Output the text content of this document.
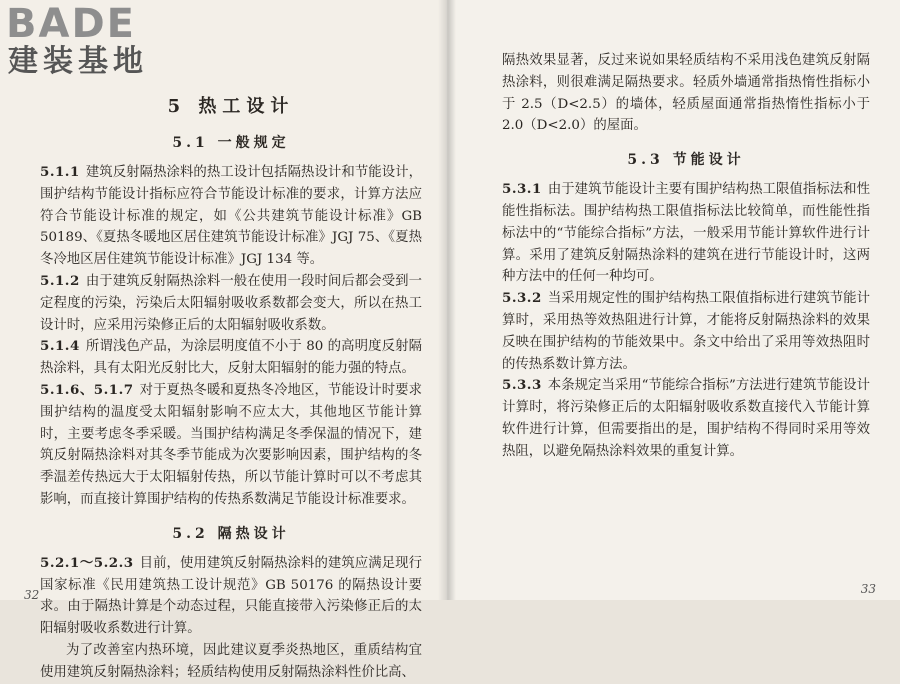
5 热工设计
5.1 一般规定

5.1.1 建筑反射隔热涂料的热工设计包括隔热设计和节能设计，围护结构节能设计指标应符合节能设计标准的要求，计算方法应符合节能设计标准的规定，如《公共建筑节能设计标准》GB 50189、《夏热冬暖地区居住建筑节能设计标准》JGJ 75、《夏热冬冷地区居住建筑节能设计标准》JGJ 134 等。

5.1.2 由于建筑反射隔热涂料一般在使用一段时间后都会受到一定程度的污染，污染后太阳辐射吸收系数都会变大，所以在热工设计时，应采用污染修正后的太阳辐射吸收系数。

5.1.4 所谓浅色产品，为涂层明度值不小于 80 的高明度反射隔热涂料，具有太阳光反射比大，反射太阳辐射的能力强的特点。

5.1.6、5.1.7 对于夏热冬暖和夏热冬冷地区，节能设计时要求围护结构的温度受太阳辐射影响不应太大，其他地区节能计算时，主要考虑冬季采暖。当围护结构满足冬季保温的情况下，建筑反射隔热涂料对其冬季节能成为次要影响因素，围护结构的冬季温差传热远大于太阳辐射传热，所以节能计算时可以不考虑其影响，而直接计算围护结构的传热系数满足节能设计标准要求。

5.2 隔热设计

5.2.1～5.2.3 目前，使用建筑反射隔热涂料的建筑应满足现行国家标准《民用建筑热工设计规范》GB 50176 的隔热设计要求。由于隔热计算是个动态过程，只能直接带入污染修正后的太阳辐射吸收系数进行计算。

为了改善室内热环境，因此建议夏季炎热地区，重质结构宜使用建筑反射隔热涂料；轻质结构使用反射隔热涂料性价比高、

32

隔热效果显著，反过来说如果轻质结构不采用浅色建筑反射隔热涂料，则很难满足隔热要求。轻质外墙通常指热惰性指标小于 2.5（D<2.5）的墙体，轻质屋面通常指热惰性指标小于 2.0（D<2.0）的屋面。

5.3 节能设计

5.3.1 由于建筑节能设计主要有围护结构热工限值指标法和性能性指标法。围护结构热工限值指标法比较简单，而性能性指标法中的“节能综合指标”方法，一般采用节能计算软件进行计算。采用了建筑反射隔热涂料的建筑在进行节能设计时，这两种方法中的任何一种均可。

5.3.2 当采用规定性的围护结构热工限值指标进行建筑节能计算时，采用热等效热阻进行计算，才能将反射隔热涂料的效果反映在围护结构的节能效果中。条文中给出了采用等效热阻时的传热系数计算方法。

5.3.3 本条规定当采用“节能综合指标”方法进行建筑节能设计计算时，将污染修正后的太阳辐射吸收系数直接代入节能计算软件进行计算，但需要指出的是，围护结构不得同时采用等效热阻，以避免隔热涂料效果的重复计算。

33
BADE
建装基地
